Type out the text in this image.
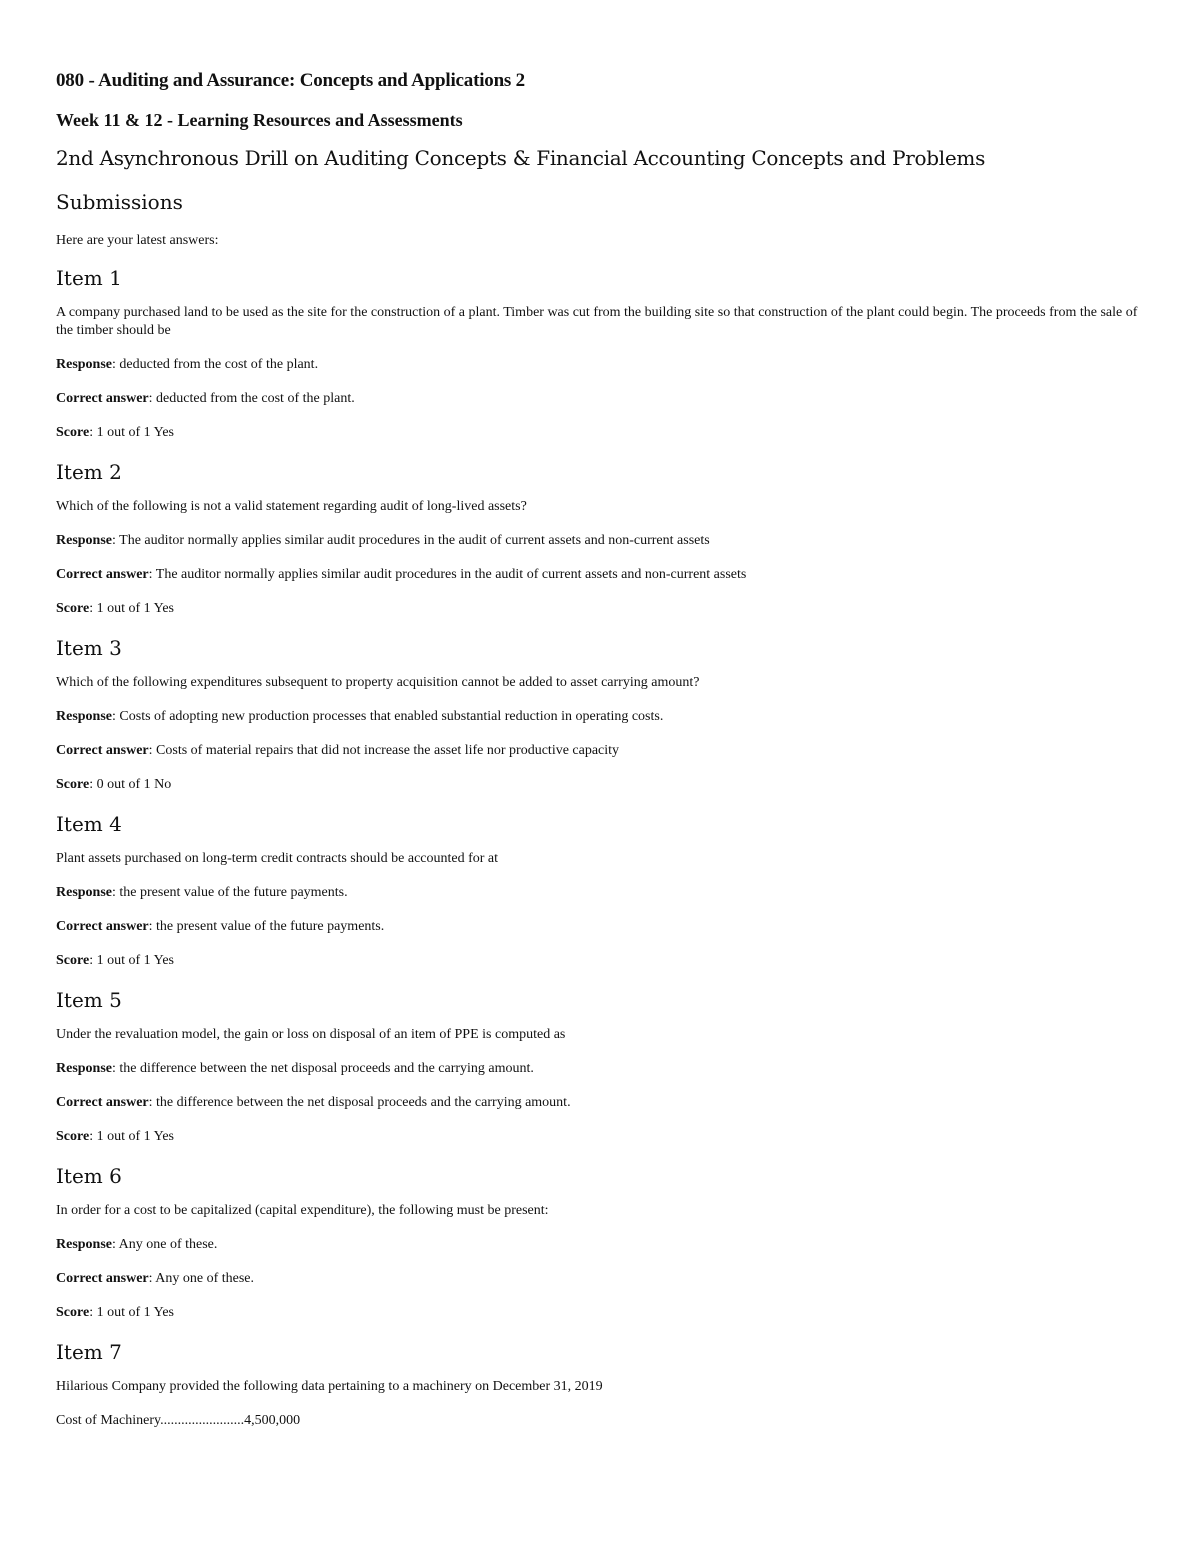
080 - Auditing and Assurance: Concepts and Applications 2
Week 11 & 12 - Learning Resources and Assessments
2nd Asynchronous Drill on Auditing Concepts & Financial Accounting Concepts and Problems
Submissions
Here are your latest answers:
Item 1
A company purchased land to be used as the site for the construction of a plant. Timber was cut from the building site so that construction of the plant could begin. The proceeds from the sale of the timber should be
Response: deducted from the cost of the plant.
Correct answer: deducted from the cost of the plant.
Score: 1 out of 1 Yes
Item 2
Which of the following is not a valid statement regarding audit of long-lived assets?
Response: The auditor normally applies similar audit procedures in the audit of current assets and non-current assets
Correct answer: The auditor normally applies similar audit procedures in the audit of current assets and non-current assets
Score: 1 out of 1 Yes
Item 3
Which of the following expenditures subsequent to property acquisition cannot be added to asset carrying amount?
Response: Costs of adopting new production processes that enabled substantial reduction in operating costs.
Correct answer: Costs of material repairs that did not increase the asset life nor productive capacity
Score: 0 out of 1 No
Item 4
Plant assets purchased on long-term credit contracts should be accounted for at
Response: the present value of the future payments.
Correct answer: the present value of the future payments.
Score: 1 out of 1 Yes
Item 5
Under the revaluation model, the gain or loss on disposal of an item of PPE is computed as
Response: the difference between the net disposal proceeds and the carrying amount.
Correct answer: the difference between the net disposal proceeds and the carrying amount.
Score: 1 out of 1 Yes
Item 6
In order for a cost to be capitalized (capital expenditure), the following must be present:
Response: Any one of these.
Correct answer: Any one of these.
Score: 1 out of 1 Yes
Item 7
Hilarious Company provided the following data pertaining to a machinery on December 31, 2019
Cost of Machinery........................4,500,000
